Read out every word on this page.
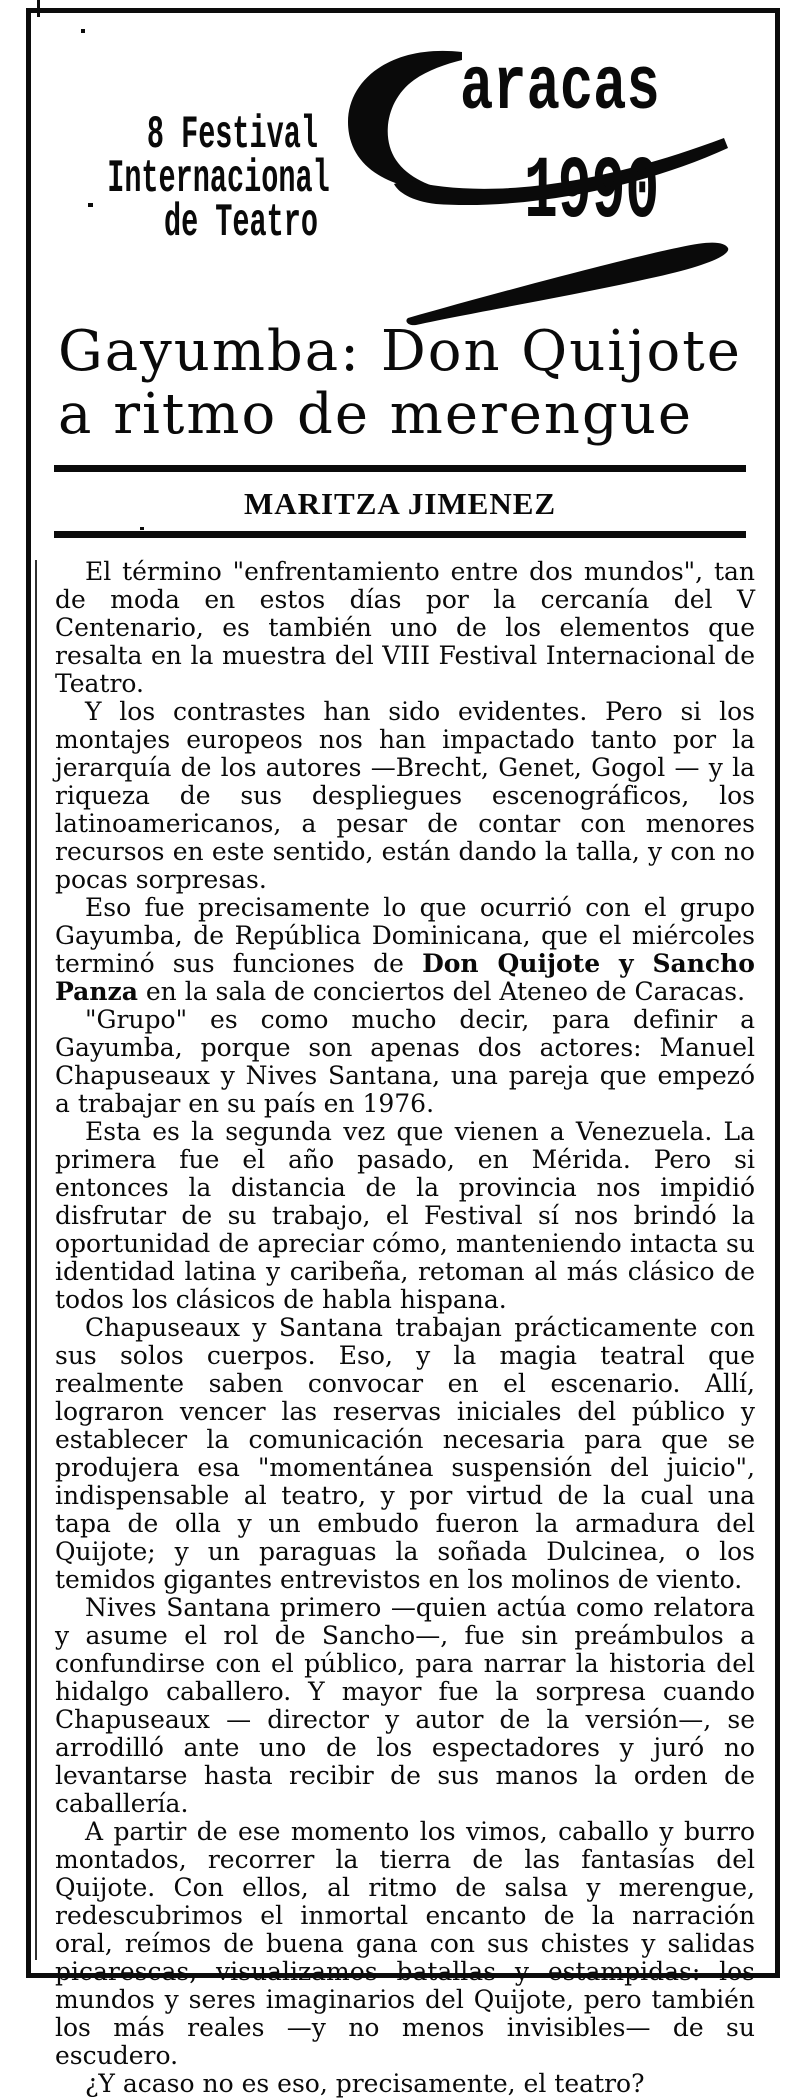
8 Festival
Internacional
de Teatro
aracas
1990
Gayumba: Don Quijote
a ritmo de merengue
MARITZA JIMENEZ

El término "enfrentamiento entre dos mundos", tan de moda en estos días por la cercanía del V Centenario, es también uno de los elementos que resalta en la muestra del VIII Festival Internacional de Teatro.

Y los contrastes han sido evidentes. Pero si los montajes europeos nos han impactado tanto por la jerarquía de los autores —Brecht, Genet, Gogol — y la riqueza de sus despliegues escenográficos, los latinoamericanos, a pesar de contar con menores recursos en este sentido, están dando la talla, y con no pocas sorpresas.

Eso fue precisamente lo que ocurrió con el grupo Gayumba, de República Dominicana, que el miércoles terminó sus funciones de Don Quijote y Sancho Panza en la sala de conciertos del Ateneo de Caracas.

"Grupo" es como mucho decir, para definir a Gayumba, porque son apenas dos actores: Manuel Chapuseaux y Nives Santana, una pareja que empezó a trabajar en su país en 1976.

Esta es la segunda vez que vienen a Venezuela. La primera fue el año pasado, en Mérida. Pero si entonces la distancia de la provincia nos impidió disfrutar de su trabajo, el Festival sí nos brindó la oportunidad de apreciar cómo, manteniendo intacta su identidad latina y caribeña, retoman al más clásico de todos los clásicos de habla hispana.

Chapuseaux y Santana trabajan prácticamente con sus solos cuerpos. Eso, y la magia teatral que realmente saben convocar en el escenario. Allí, lograron vencer las reservas iniciales del público y establecer la comunicación necesaria para que se produjera esa "momentánea suspensión del juicio", indispensable al teatro, y por virtud de la cual una tapa de olla y un embudo fueron la armadura del Quijote; y un paraguas la soñada Dulcinea, o los temidos gigantes entrevistos en los molinos de viento.

Nives Santana primero —quien actúa como relatora y asume el rol de Sancho—, fue sin preámbulos a confundirse con el público, para narrar la historia del hidalgo caballero. Y mayor fue la sorpresa cuando Chapuseaux — director y autor de la versión—, se arrodilló ante uno de los espectadores y juró no levantarse hasta recibir de sus manos la orden de caballería.

A partir de ese momento los vimos, caballo y burro montados, recorrer la tierra de las fantasías del Quijote. Con ellos, al ritmo de salsa y merengue, redescubrimos el inmortal encanto de la narración oral, reímos de buena gana con sus chistes y salidas picarescas, visualizamos batallas y estampidas: los mundos y seres imaginarios del Quijote, pero también los más reales —y no menos invisibles— de su escudero.

¿Y acaso no es eso, precisamente, el teatro?
